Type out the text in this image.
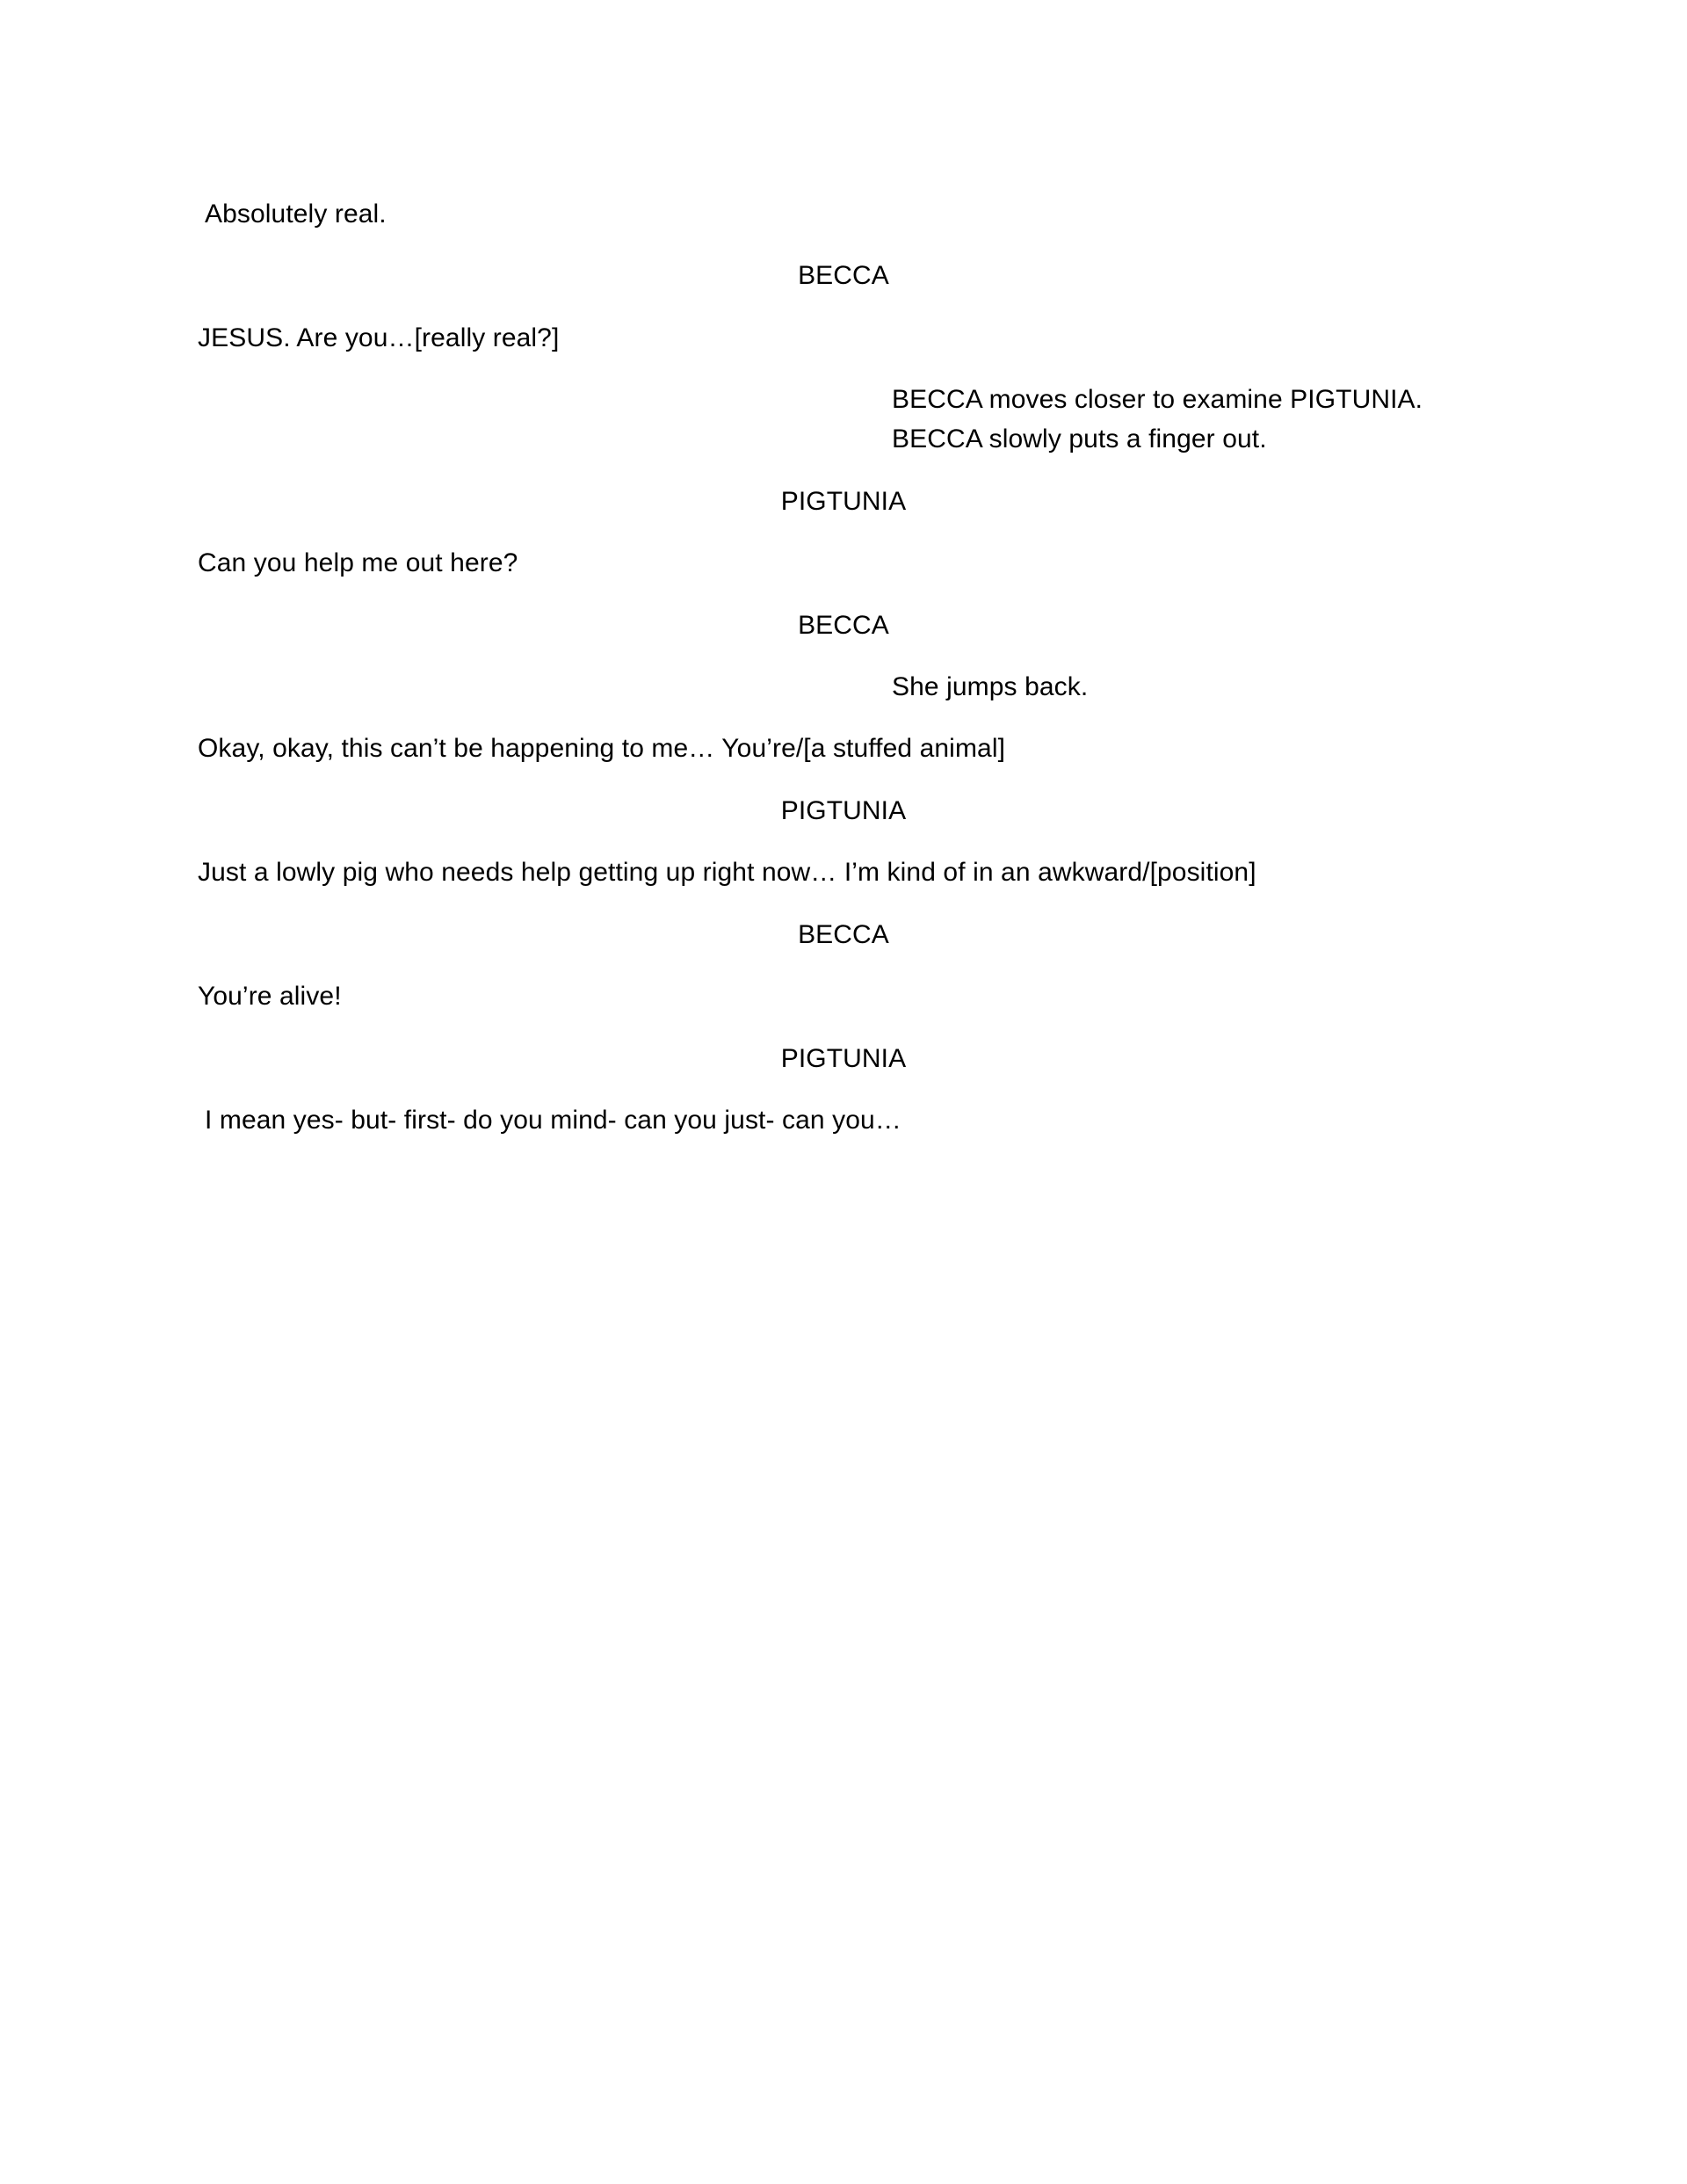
Absolutely real.
BECCA
JESUS. Are you…[really real?]
BECCA moves closer to examine PIGTUNIA.
BECCA slowly puts a finger out.
PIGTUNIA
Can you help me out here?
BECCA
She jumps back.
Okay, okay, this can’t be happening to me… You’re/[a stuffed animal]
PIGTUNIA
Just a lowly pig who needs help getting up right now… I’m kind of in an awkward/[position]
BECCA
You’re alive!
PIGTUNIA
I mean yes- but- first- do you mind- can you just- can you…
